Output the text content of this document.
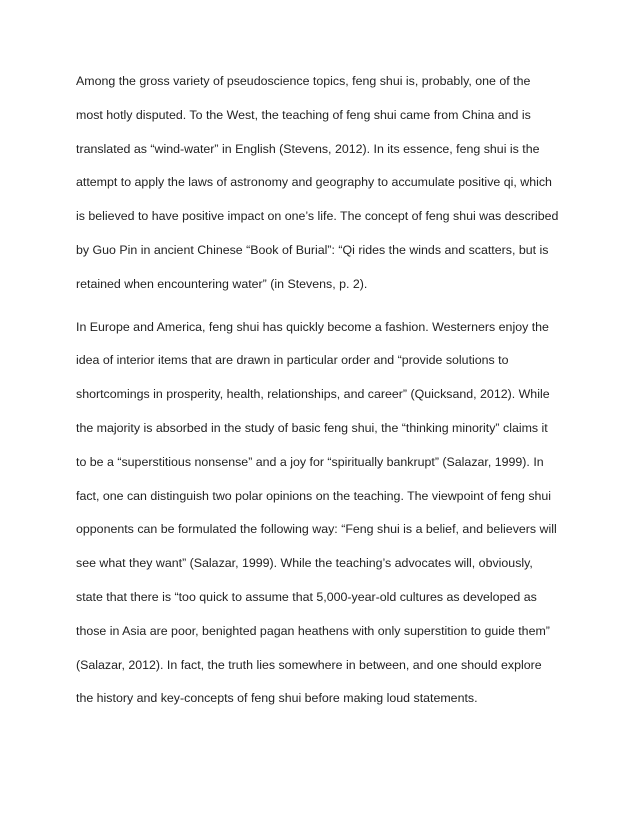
Among the gross variety of pseudoscience topics, feng shui is, probably, one of the
most hotly disputed. To the West, the teaching of feng shui came from China and is
translated as “wind-water” in English (Stevens, 2012). In its essence, feng shui is the
attempt to apply the laws of astronomy and geography to accumulate positive qi, which
is believed to have positive impact on one’s life. The concept of feng shui was described
by Guo Pin in ancient Chinese “Book of Burial”: “Qi rides the winds and scatters, but is
retained when encountering water” (in Stevens, p. 2).
In Europe and America, feng shui has quickly become a fashion. Westerners enjoy the
idea of interior items that are drawn in particular order and “provide solutions to
shortcomings in prosperity, health, relationships, and career” (Quicksand, 2012). While
the majority is absorbed in the study of basic feng shui, the “thinking minority” claims it
to be a “superstitious nonsense” and a joy for “spiritually bankrupt” (Salazar, 1999). In
fact, one can distinguish two polar opinions on the teaching. The viewpoint of feng shui
opponents can be formulated the following way: “Feng shui is a belief, and believers will
see what they want” (Salazar, 1999). While the teaching’s advocates will, obviously,
state that there is “too quick to assume that 5,000-year-old cultures as developed as
those in Asia are poor, benighted pagan heathens with only superstition to guide them”
(Salazar, 2012). In fact, the truth lies somewhere in between, and one should explore
the history and key-concepts of feng shui before making loud statements.
